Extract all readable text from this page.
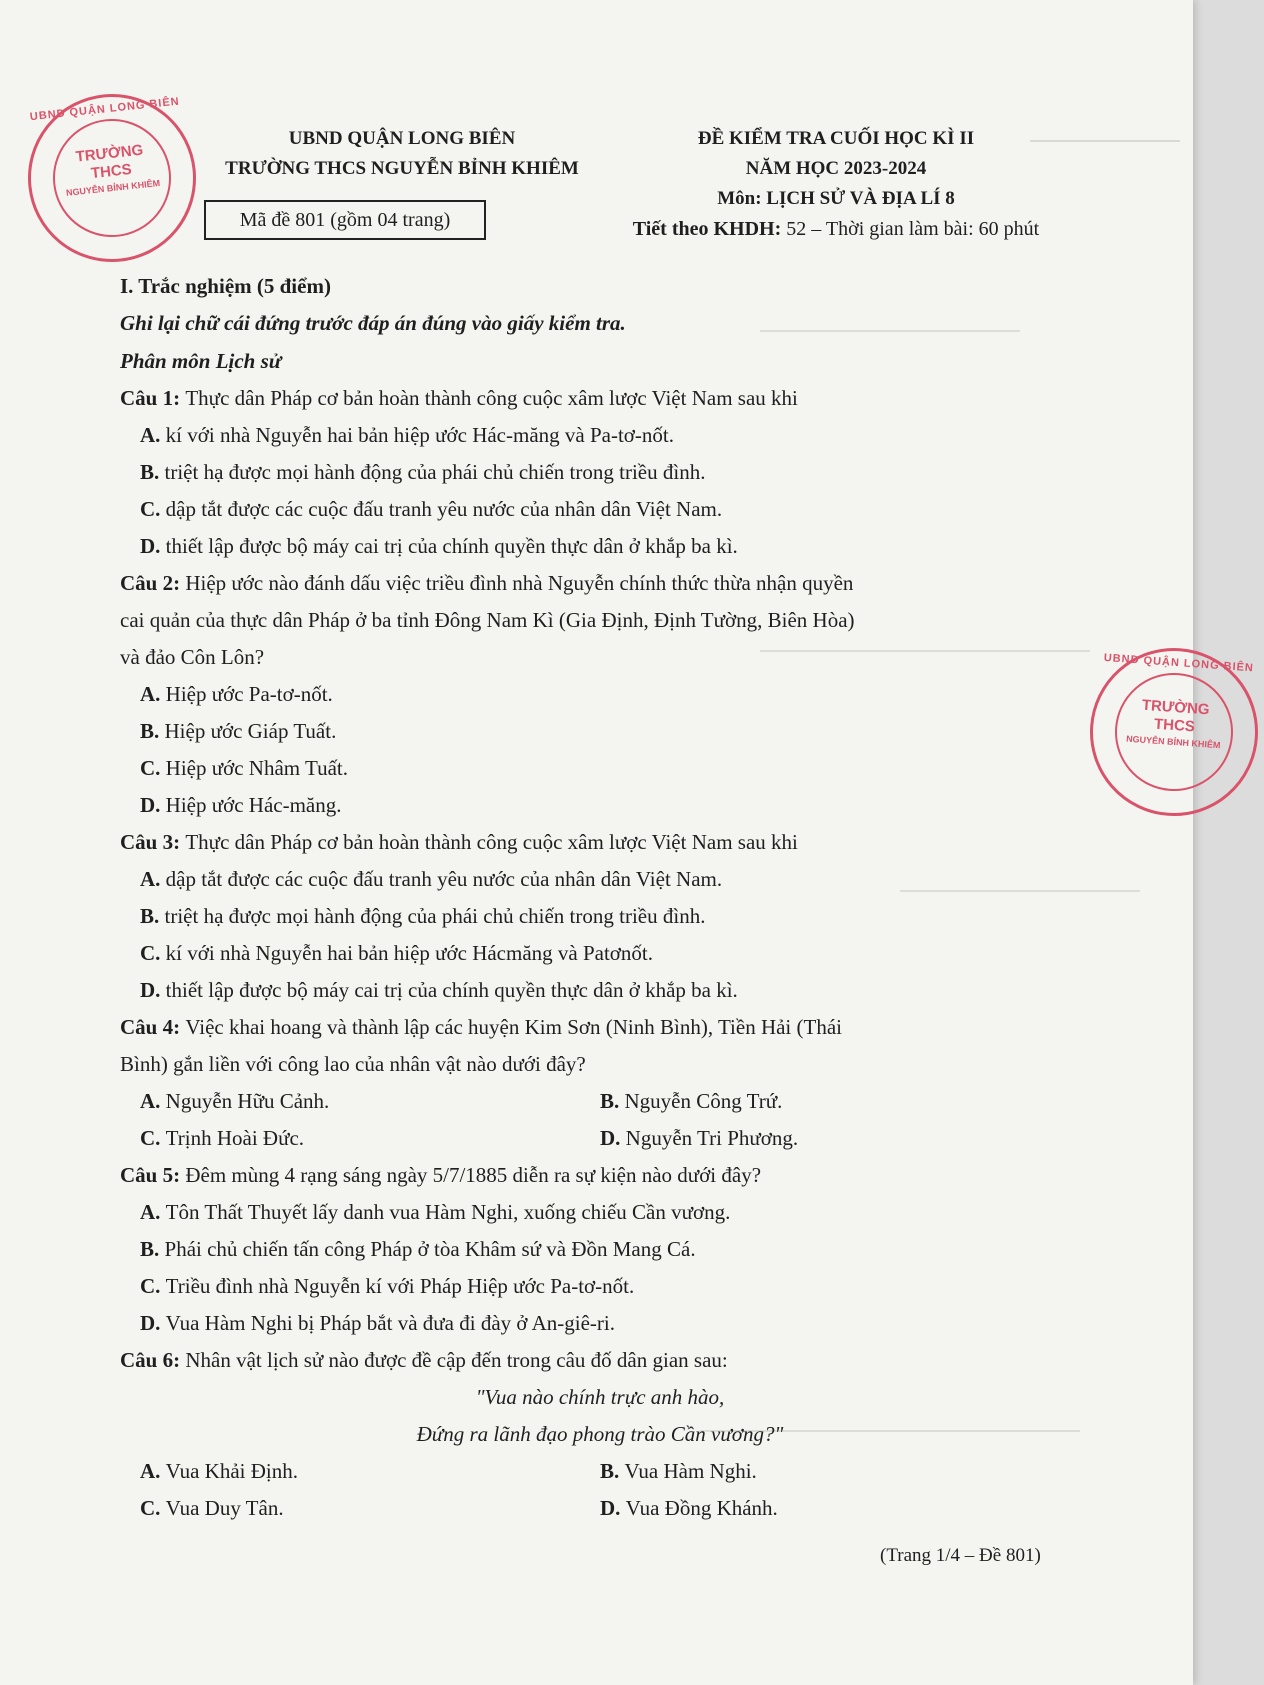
UBND QUẬN LONG BIÊN
TRƯỜNG
THCS
NGUYỄN BỈNH KHIÊM
UBND QUẬN LONG BIÊN
TRƯỜNG
THCS
NGUYỄN BỈNH KHIÊM
UBND QUẬN LONG BIÊN
TRƯỜNG THCS NGUYỄN BỈNH KHIÊM
ĐỀ KIỂM TRA CUỐI HỌC KÌ II
NĂM HỌC 2023-2024
Môn: LỊCH SỬ VÀ ĐỊA LÍ 8
Mã đề 801 (gồm 04 trang)	Tiết theo KHDH: 52 – Thời gian làm bài: 60 phút
I. Trắc nghiệm (5 điểm)
Ghi lại chữ cái đứng trước đáp án đúng vào giấy kiểm tra.
Phân môn Lịch sử
Câu 1 : Thực dân Pháp cơ bản hoàn thành công cuộc xâm lược Việt Nam sau khi
A. kí với nhà Nguyễn hai bản hiệp ước Hác-măng và Pa-tơ-nốt.
B. triệt hạ được mọi hành động của phái chủ chiến trong triều đình.
C. dập tắt được các cuộc đấu tranh yêu nước của nhân dân Việt Nam.
D. thiết lập được bộ máy cai trị của chính quyền thực dân ở khắp ba kì.
Câu 2 : Hiệp ước nào đánh dấu việc triều đình nhà Nguyễn chính thức thừa nhận quyền
cai quản của thực dân Pháp ở ba tỉnh Đông Nam Kì (Gia Định, Định Tường, Biên Hòa)
và đảo Côn Lôn?
A. Hiệp ước Pa-tơ-nốt.
B. Hiệp ước Giáp Tuất.
C. Hiệp ước Nhâm Tuất.
D. Hiệp ước Hác-măng.
Câu 3 : Thực dân Pháp cơ bản hoàn thành công cuộc xâm lược Việt Nam sau khi
A. dập tắt được các cuộc đấu tranh yêu nước của nhân dân Việt Nam.
B. triệt hạ được mọi hành động của phái chủ chiến trong triều đình.
C. kí với nhà Nguyễn hai bản hiệp ước Hácmăng và Patơnốt.
D. thiết lập được bộ máy cai trị của chính quyền thực dân ở khắp ba kì.
Câu 4 : Việc khai hoang và thành lập các huyện Kim Sơn (Ninh Bình), Tiền Hải (Thái
Bình) gắn liền với công lao của nhân vật nào dưới đây?
A. Nguyễn Hữu Cảnh.	B. Nguyễn Công Trứ.
C. Trịnh Hoài Đức.	D. Nguyễn Tri Phương.
Câu 5 : Đêm mùng 4 rạng sáng ngày 5/7/1885 diễn ra sự kiện nào dưới đây?
A. Tôn Thất Thuyết lấy danh vua Hàm Nghi, xuống chiếu Cần vương.
B. Phái chủ chiến tấn công Pháp ở tòa Khâm sứ và Đồn Mang Cá.
C. Triều đình nhà Nguyễn kí với Pháp Hiệp ước Pa-tơ-nốt.
D. Vua Hàm Nghi bị Pháp bắt và đưa đi đày ở An-giê-ri.
Câu 6 : Nhân vật lịch sử nào được đề cập đến trong câu đố dân gian sau:
"Vua nào chính trực anh hào,
Đứng ra lãnh đạo phong trào Cần vương?"
A. Vua Khải Định.	B. Vua Hàm Nghi.
C. Vua Duy Tân.	D. Vua Đồng Khánh.
(Trang 1/4 – Đề 801)
